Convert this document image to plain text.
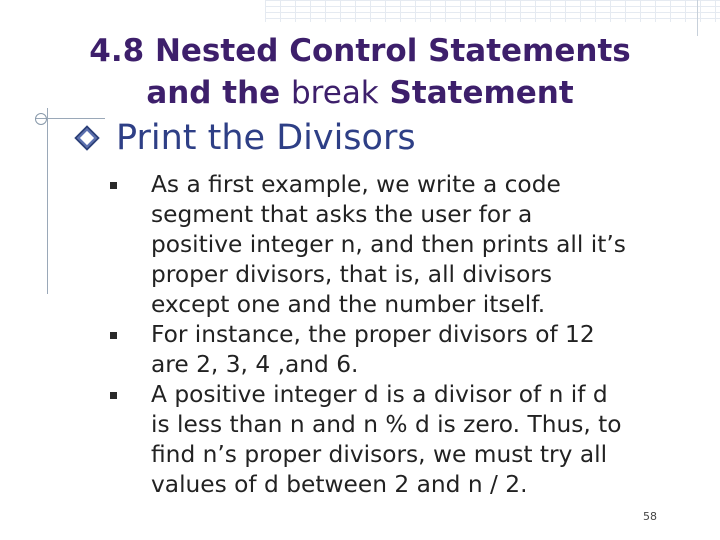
4.8 Nested Control Statements
and the break Statement
Print the Divisors
As a first example, we write a code segment that asks the user for a positive integer n, and then prints all it’s proper divisors, that is, all divisors except one and the number itself.
For instance, the proper divisors of 12 are 2, 3, 4 ,and 6.
A positive integer d is a divisor of n if d is less than n and n % d is zero. Thus, to find n’s proper divisors, we must try all values of d between 2 and n / 2.
58
